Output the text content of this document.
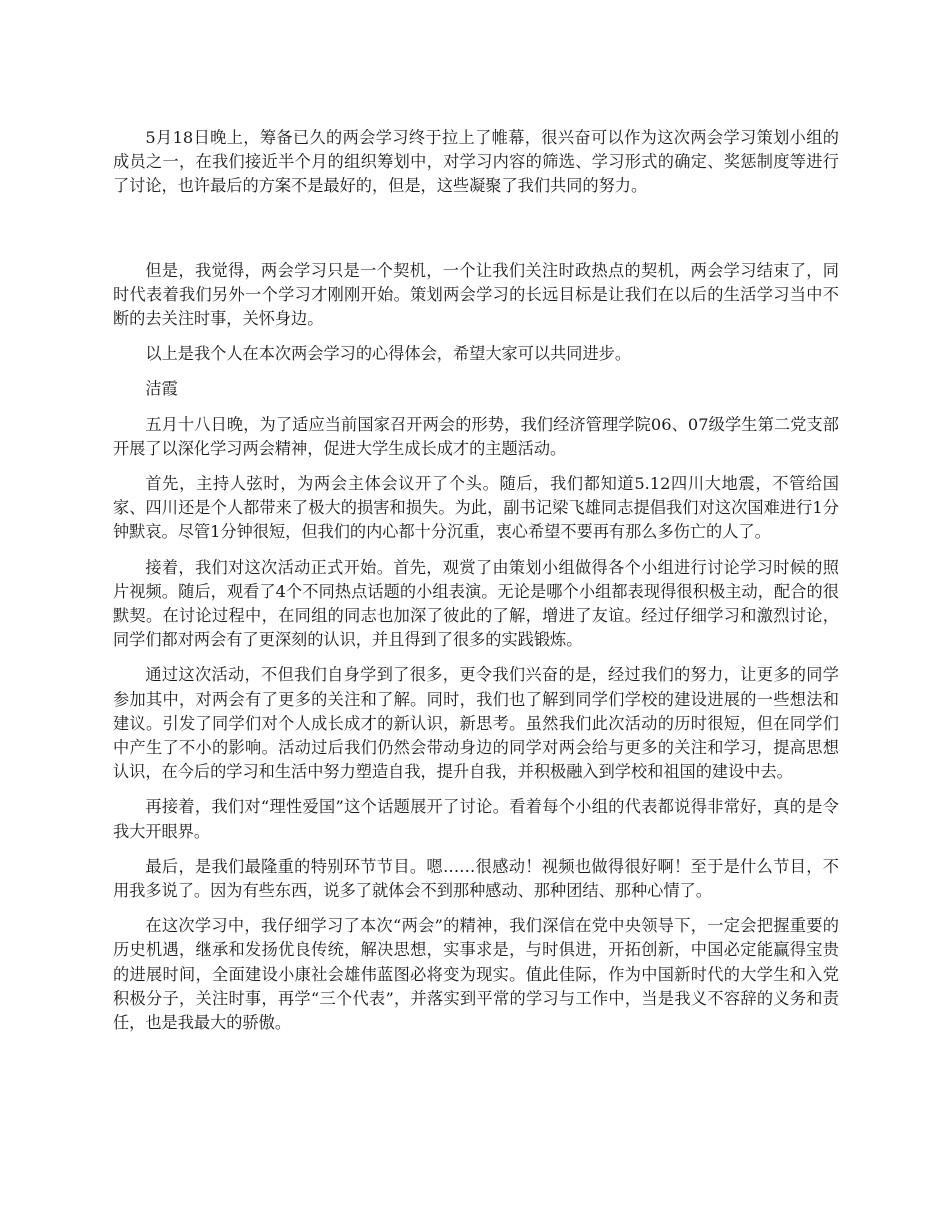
5月18日晚上，筹备已久的两会学习终于拉上了帷幕，很兴奋可以作为这次两会学习策划小组的成员之一，在我们接近半个月的组织筹划中，对学习内容的筛选、学习形式的确定、奖惩制度等进行了讨论，也许最后的方案不是最好的，但是，这些凝聚了我们共同的努力。

但是，我觉得，两会学习只是一个契机，一个让我们关注时政热点的契机，两会学习结束了，同时代表着我们另外一个学习才刚刚开始。策划两会学习的长远目标是让我们在以后的生活学习当中不断的去关注时事，关怀身边。

以上是我个人在本次两会学习的心得体会，希望大家可以共同进步。

洁霞

五月十八日晚，为了适应当前国家召开两会的形势，我们经济管理学院06、07级学生第二党支部开展了以深化学习两会精神，促进大学生成长成才的主题活动。

首先，主持人弦时，为两会主体会议开了个头。随后，我们都知道5.12四川大地震，不管给国家、四川还是个人都带来了极大的损害和损失。为此，副书记梁飞雄同志提倡我们对这次国难进行1分钟默哀。尽管1分钟很短，但我们的内心都十分沉重，衷心希望不要再有那么多伤亡的人了。

接着，我们对这次活动正式开始。首先，观赏了由策划小组做得各个小组进行讨论学习时候的照片视频。随后，观看了4个不同热点话题的小组表演。无论是哪个小组都表现得很积极主动，配合的很默契。在讨论过程中，在同组的同志也加深了彼此的了解，增进了友谊。经过仔细学习和激烈讨论，同学们都对两会有了更深刻的认识，并且得到了很多的实践锻炼。

通过这次活动，不但我们自身学到了很多，更令我们兴奋的是，经过我们的努力，让更多的同学参加其中，对两会有了更多的关注和了解。同时，我们也了解到同学们学校的建设进展的一些想法和建议。引发了同学们对个人成长成才的新认识，新思考。虽然我们此次活动的历时很短，但在同学们中产生了不小的影响。活动过后我们仍然会带动身边的同学对两会给与更多的关注和学习，提高思想认识，在今后的学习和生活中努力塑造自我，提升自我，并积极融入到学校和祖国的建设中去。

再接着，我们对“理性爱国”这个话题展开了讨论。看着每个小组的代表都说得非常好，真的是令我大开眼界。

最后，是我们最隆重的特别环节节目。嗯……很感动！视频也做得很好啊！至于是什么节目，不用我多说了。因为有些东西，说多了就体会不到那种感动、那种团结、那种心情了。

在这次学习中，我仔细学习了本次“两会”的精神，我们深信在党中央领导下，一定会把握重要的历史机遇，继承和发扬优良传统，解决思想，实事求是，与时俱进，开拓创新，中国必定能赢得宝贵的进展时间，全面建设小康社会雄伟蓝图必将变为现实。值此佳际，作为中国新时代的大学生和入党积极分子，关注时事，再学“三个代表”，并落实到平常的学习与工作中，当是我义不容辞的义务和责任，也是我最大的骄傲。
